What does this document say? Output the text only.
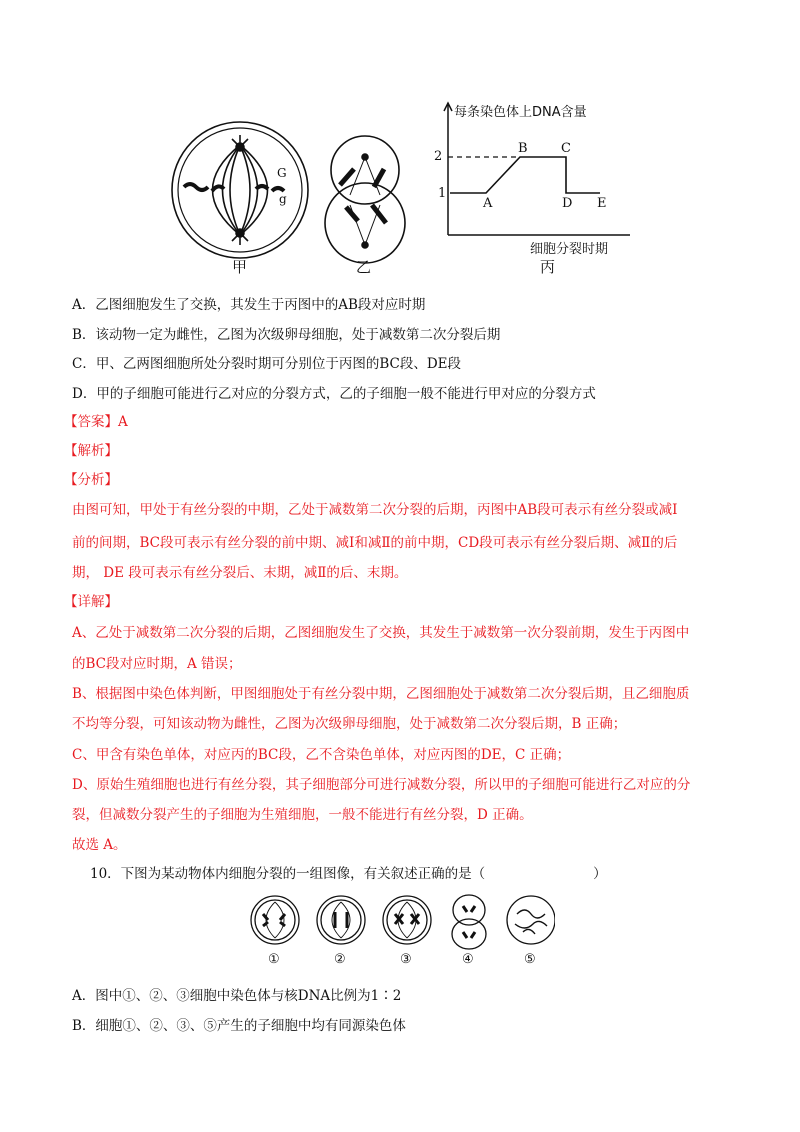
甲	乙	丙
G
g
每条染色体上DNA含量
细胞分裂时期
2
1
A
B	C
D E
A．乙图细胞发生了交换，其发生于丙图中的AB段对应时期
B．该动物一定为雌性，乙图为次级卵母细胞，处于减数第二次分裂后期
C．甲、乙两图细胞所处分裂时期可分别位于丙图的BC段、DE段
D．甲的子细胞可能进行乙对应的分裂方式，乙的子细胞一般不能进行甲对应的分裂方式
【答案】A
【解析】
【分析】
由图可知，甲处于有丝分裂的中期，乙处于减数第二次分裂的后期，丙图中AB段可表示有丝分裂或减Ⅰ
前的间期，BC段可表示有丝分裂的前中期、减Ⅰ和减Ⅱ的前中期，CD段可表示有丝分裂后期、减Ⅱ的后
期， DE 段可表示有丝分裂后、末期，减Ⅱ的后、末期。
【详解】
A、乙处于减数第二次分裂的后期，乙图细胞发生了交换，其发生于减数第一次分裂前期，发生于丙图中
的BC段对应时期，A 错误；
B、根据图中染色体判断，甲图细胞处于有丝分裂中期，乙图细胞处于减数第二次分裂后期，且乙细胞质
不均等分裂，可知该动物为雌性，乙图为次级卵母细胞，处于减数第二次分裂后期，B 正确；
C、甲含有染色单体，对应丙的BC段，乙不含染色单体，对应丙图的DE，C 正确；
D、原始生殖细胞也进行有丝分裂，其子细胞部分可进行减数分裂，所以甲的子细胞可能进行乙对应的分
裂，但减数分裂产生的子细胞为生殖细胞，一般不能进行有丝分裂，D 正确。
故选 A。
10．下图为某动物体内细胞分裂的一组图像，有关叙述正确的是（　　　　　　　　）
①	②	③	④	⑤
A．图中①、②、③细胞中染色体与核DNA比例为1∶2
B．细胞①、②、③、⑤产生的子细胞中均有同源染色体
